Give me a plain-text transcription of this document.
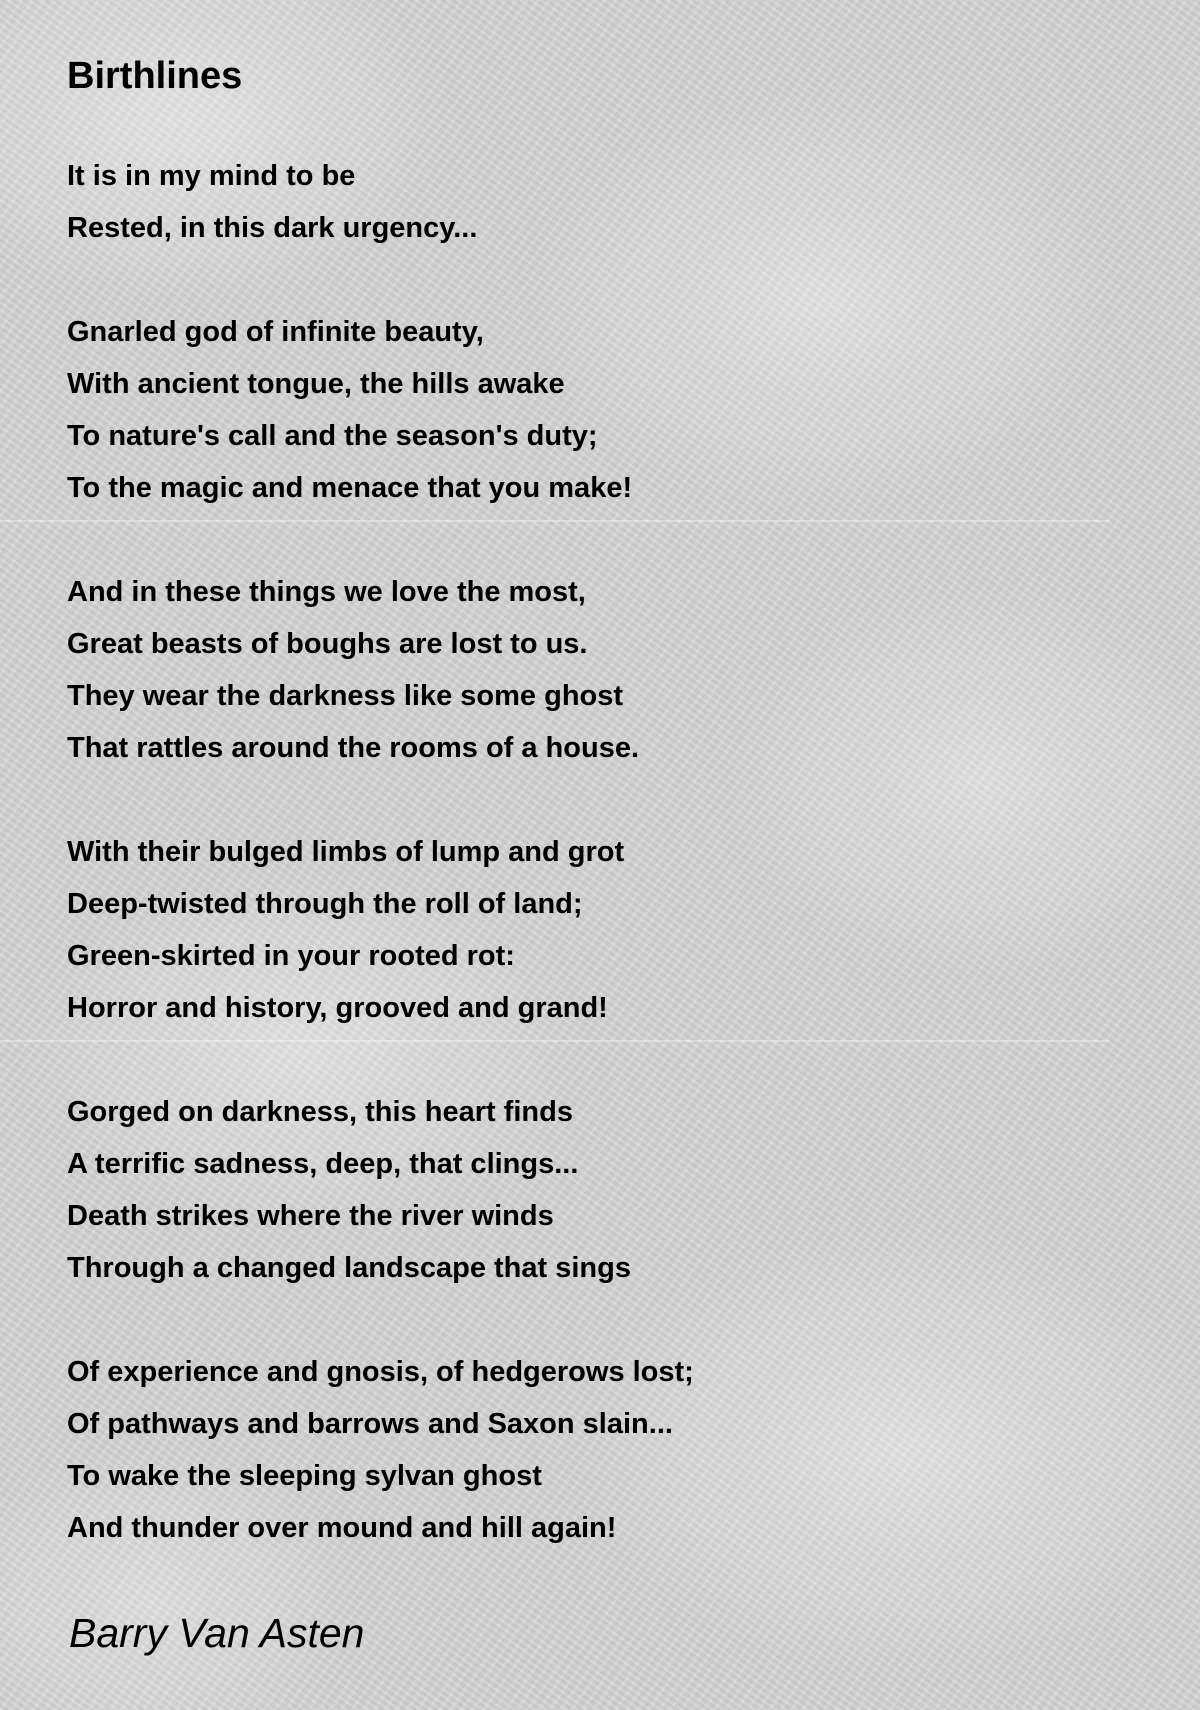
Birthlines
It is in my mind to be
Rested, in this dark urgency...
Gnarled god of infinite beauty,
With ancient tongue, the hills awake
To nature's call and the season's duty;
To the magic and menace that you make!
And in these things we love the most,
Great beasts of boughs are lost to us.
They wear the darkness like some ghost
That rattles around the rooms of a house.
With their bulged limbs of lump and grot
Deep-twisted through the roll of land;
Green-skirted in your rooted rot:
Horror and history, grooved and grand!
Gorged on darkness, this heart finds
A terrific sadness, deep, that clings...
Death strikes where the river winds
Through a changed landscape that sings
Of experience and gnosis, of hedgerows lost;
Of pathways and barrows and Saxon slain...
To wake the sleeping sylvan ghost
And thunder over mound and hill again!

Barry Van Asten
